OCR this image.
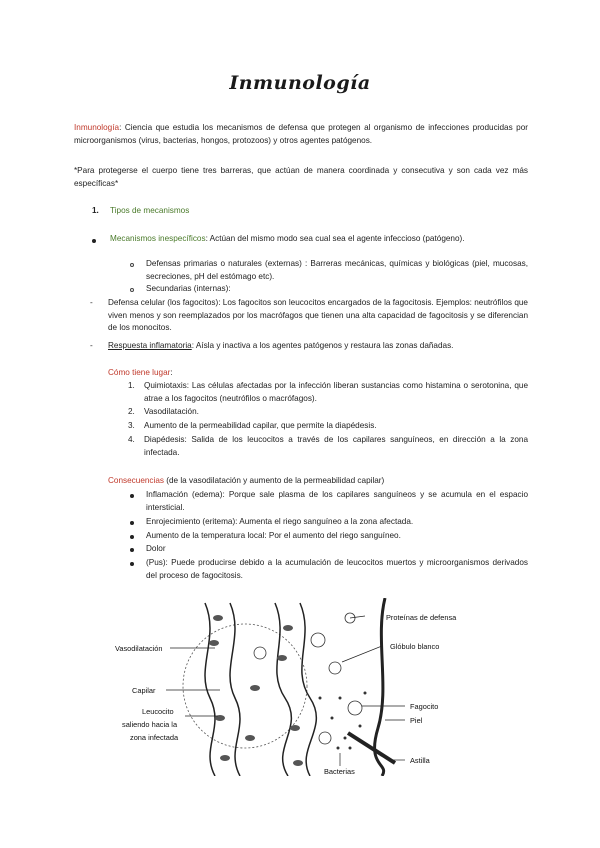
Inmunología
Inmunología: Ciencia que estudia los mecanismos de defensa que protegen al organismo de infecciones producidas por microorganismos (virus, bacterias, hongos, protozoos) y otros agentes patógenos.
*Para protegerse el cuerpo tiene tres barreras, que actúan de manera coordinada y consecutiva y son cada vez más específicas*
1. Tipos de mecanismos
Mecanismos inespecíficos: Actúan del mismo modo sea cual sea el agente infeccioso (patógeno).
Defensas primarias o naturales (externas) : Barreras mecánicas, químicas y biológicas (piel, mucosas, secreciones, pH del estómago etc).
Secundarias (internas):
- Defensa celular (los fagocitos): Los fagocitos son leucocitos encargados de la fagocitosis. Ejemplos: neutrófilos que viven menos y son reemplazados por los macrófagos que tienen una alta capacidad de fagocitosis y se diferencian de los monocitos.
- Respuesta inflamatoria: Aísla y inactiva a los agentes patógenos y restaura las zonas dañadas.
Cómo tiene lugar:
1. Quimiotaxis: Las células afectadas por la infección liberan sustancias como histamina o serotonina, que atrae a los fagocitos (neutrófilos o macrófagos).
2. Vasodilatación.
3. Aumento de la permeabilidad capilar, que permite la diapédesis.
4. Diapédesis: Salida de los leucocitos a través de los capilares sanguíneos, en dirección a la zona infectada.
Consecuencias (de la vasodilatación y aumento de la permeabilidad capilar)
Inflamación (edema): Porque sale plasma de los capilares sanguíneos y se acumula en el espacio intersticial.
Enrojecimiento (eritema): Aumenta el riego sanguíneo a la zona afectada.
Aumento de la temperatura local: Por el aumento del riego sanguíneo.
Dolor
(Pus): Puede producirse debido a la acumulación de leucocitos muertos y microorganismos derivados del proceso de fagocitosis.
Proteínas de defensa
Glóbulo blanco
Vasodilatación
Capilar
Leucocito
saliendo hacia la
zona infectada
Fagocito
Piel
Bacterias
Astilla
